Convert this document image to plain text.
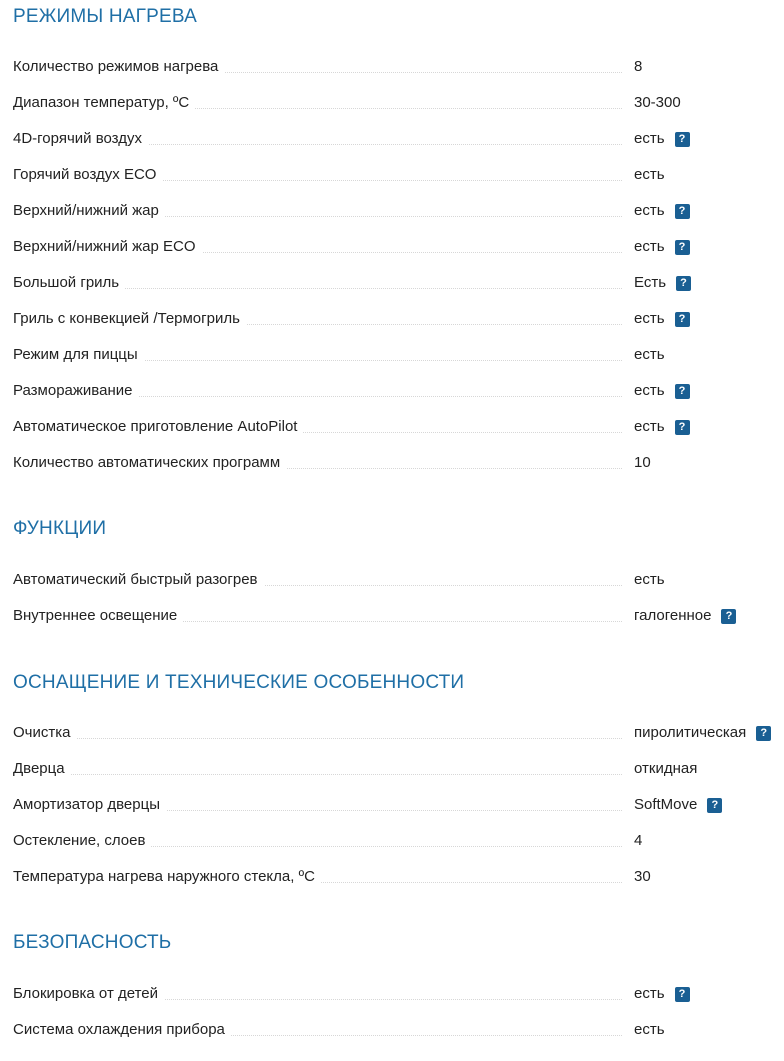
РЕЖИМЫ НАГРЕВА
Количество режимов нагрева	8
Диапазон температур, ºС	30-300
4D-горячий воздух	есть	?
Горячий воздух ECO	есть
Верхний/нижний жар	есть	?
Верхний/нижний жар ECO	есть	?
Большой гриль	Есть	?
Гриль с конвекцией /Термогриль	есть	?
Режим для пиццы	есть
Размораживание	есть	?
Автоматическое приготовление AutoPilot	есть	?
Количество автоматических программ	10
ФУНКЦИИ
Автоматический быстрый разогрев	есть
Внутреннее освещение	галогенное	?
ОСНАЩЕНИЕ И ТЕХНИЧЕСКИЕ ОСОБЕННОСТИ
Очистка	пиролитическая	?
Дверца	откидная
Амортизатор дверцы	SoftMove	?
Остекление, слоев	4
Температура нагрева наружного стекла, ºС	30
БЕЗОПАСНОСТЬ
Блокировка от детей	есть	?
Система охлаждения прибора	есть
